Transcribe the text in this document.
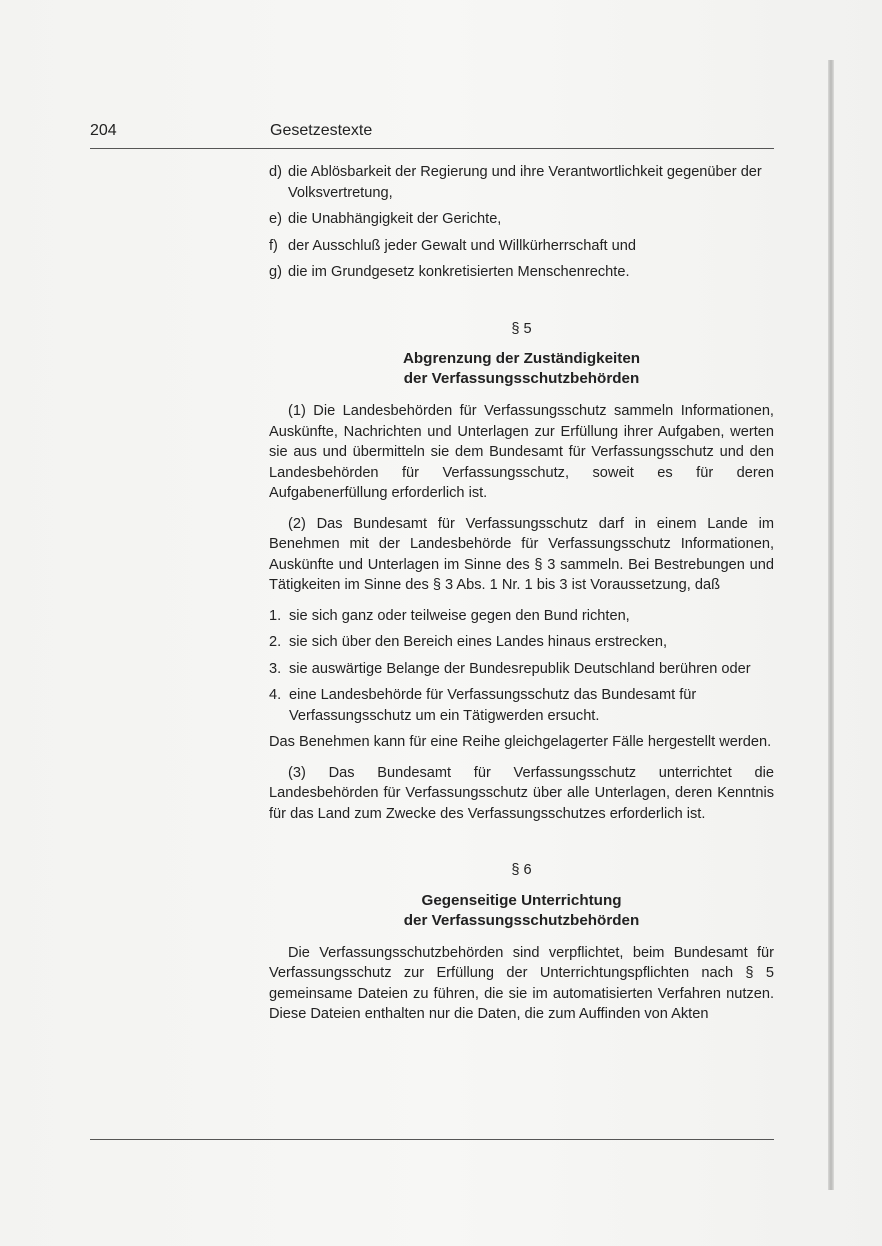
204	Gesetzestexte
d) die Ablösbarkeit der Regierung und ihre Verantwortlichkeit gegenüber der Volksvertretung,
e) die Unabhängigkeit der Gerichte,
f) der Ausschluß jeder Gewalt und Willkürherrschaft und
g) die im Grundgesetz konkretisierten Menschenrechte.
§ 5
Abgrenzung der Zuständigkeiten
der Verfassungsschutzbehörden

(1) Die Landesbehörden für Verfassungsschutz sammeln Informationen, Auskünfte, Nachrichten und Unterlagen zur Erfüllung ihrer Aufgaben, werten sie aus und übermitteln sie dem Bundesamt für Verfassungsschutz und den Landesbehörden für Verfassungsschutz, soweit es für deren Aufgabenerfüllung erforderlich ist.

(2) Das Bundesamt für Verfassungsschutz darf in einem Lande im Benehmen mit der Landesbehörde für Verfassungsschutz Informationen, Auskünfte und Unterlagen im Sinne des § 3 sammeln. Bei Bestrebungen und Tätigkeiten im Sinne des § 3 Abs. 1 Nr. 1 bis 3 ist Voraussetzung, daß

1. sie sich ganz oder teilweise gegen den Bund richten,
2. sie sich über den Bereich eines Landes hinaus erstrecken,
3. sie auswärtige Belange der Bundesrepublik Deutschland berühren oder
4. eine Landesbehörde für Verfassungsschutz das Bundesamt für Verfassungsschutz um ein Tätigwerden ersucht.

Das Benehmen kann für eine Reihe gleichgelagerter Fälle hergestellt werden.

(3) Das Bundesamt für Verfassungsschutz unterrichtet die Landesbehörden für Verfassungsschutz über alle Unterlagen, deren Kenntnis für das Land zum Zwecke des Verfassungsschutzes erforderlich ist.

§ 6
Gegenseitige Unterrichtung
der Verfassungsschutzbehörden

Die Verfassungsschutzbehörden sind verpflichtet, beim Bundesamt für Verfassungsschutz zur Erfüllung der Unterrichtungspflichten nach § 5 gemeinsame Dateien zu führen, die sie im automatisierten Verfahren nutzen. Diese Dateien enthalten nur die Daten, die zum Auffinden von Akten
